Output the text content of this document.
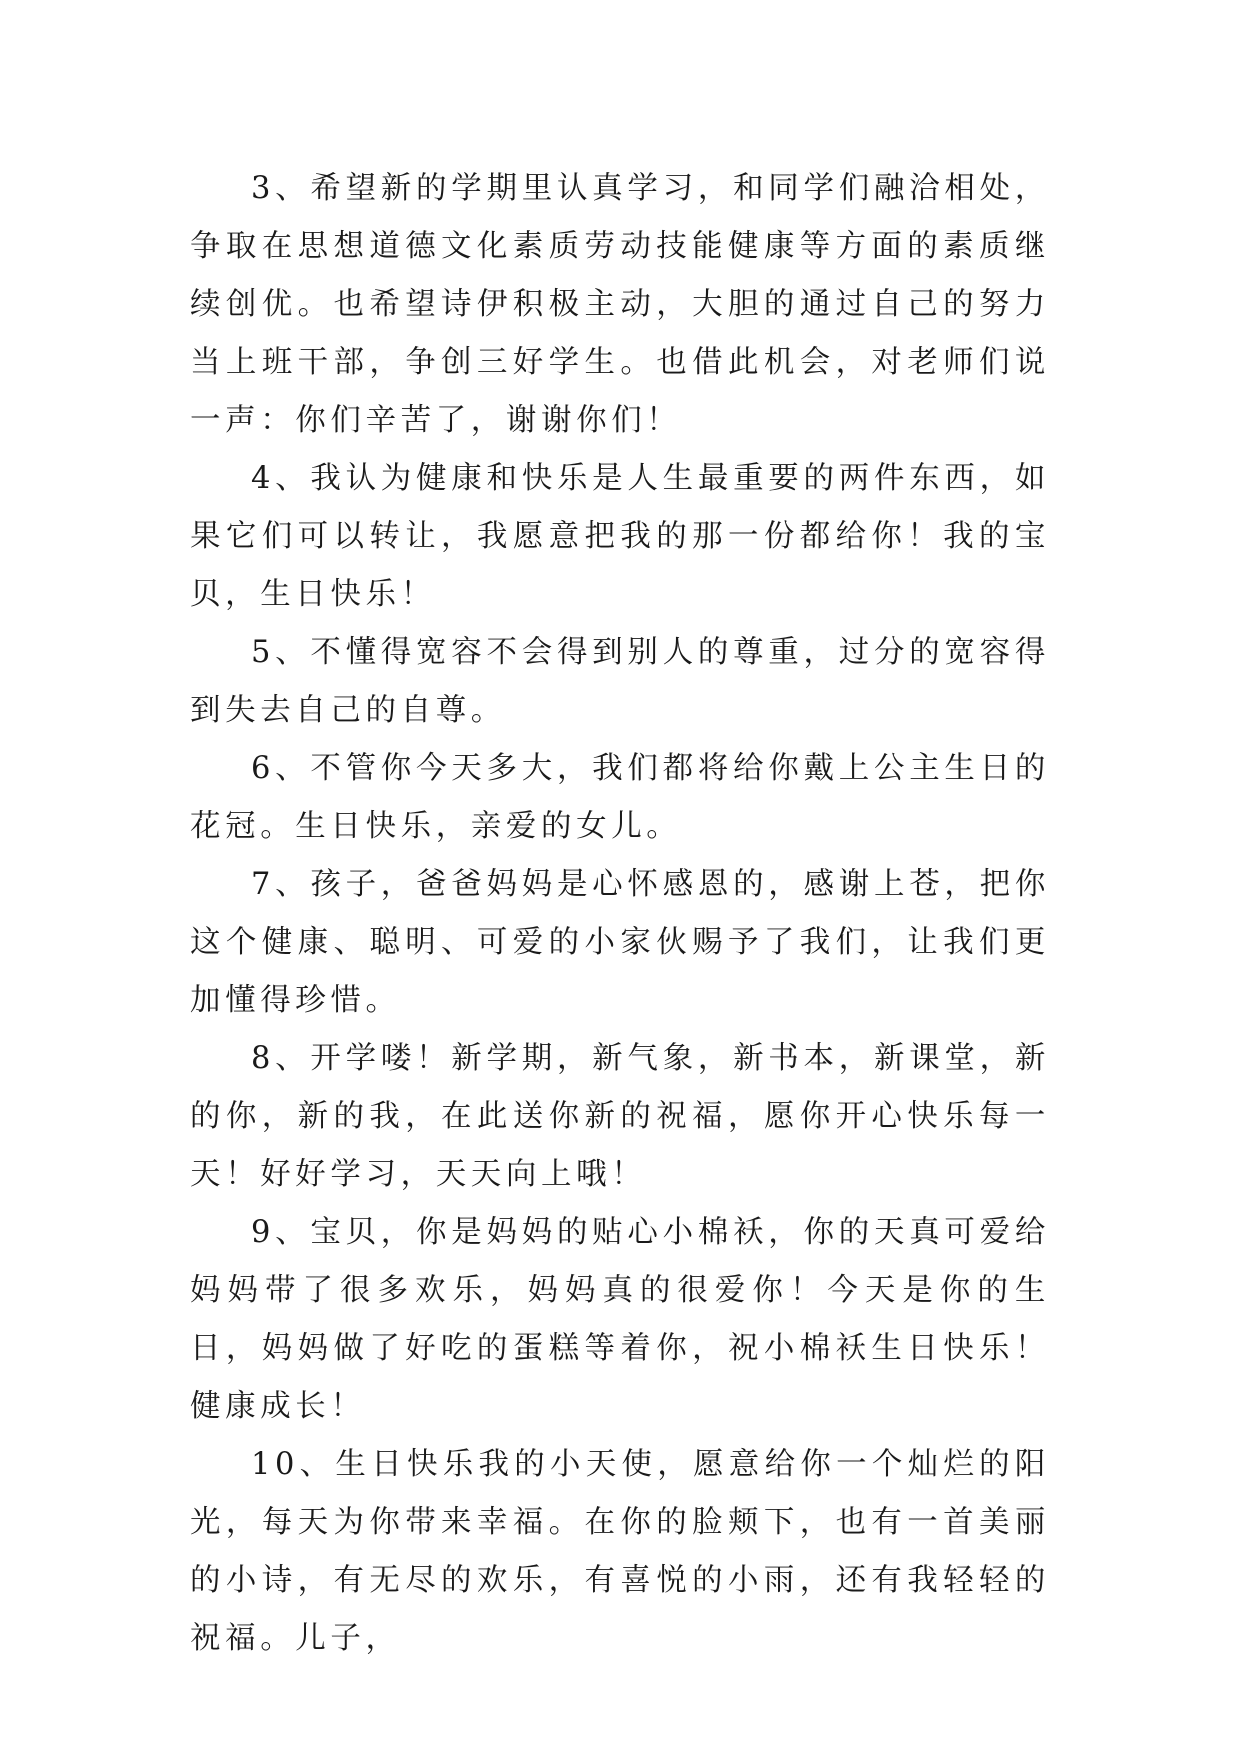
3、希望新的学期里认真学习，和同学们融洽相处，争取在思想道德文化素质劳动技能健康等方面的素质继续创优。也希望诗伊积极主动，大胆的通过自己的努力当上班干部，争创三好学生。也借此机会，对老师们说一声：你们辛苦了，谢谢你们！

4、我认为健康和快乐是人生最重要的两件东西，如果它们可以转让，我愿意把我的那一份都给你！我的宝贝，生日快乐！

5、不懂得宽容不会得到别人的尊重，过分的宽容得到失去自己的自尊。

6、不管你今天多大，我们都将给你戴上公主生日的花冠。生日快乐，亲爱的女儿。

7、孩子，爸爸妈妈是心怀感恩的，感谢上苍，把你这个健康、聪明、可爱的小家伙赐予了我们，让我们更加懂得珍惜。

8、开学喽！新学期，新气象，新书本，新课堂，新的你，新的我，在此送你新的祝福，愿你开心快乐每一天！好好学习，天天向上哦！

9、宝贝，你是妈妈的贴心小棉袄，你的天真可爱给妈妈带了很多欢乐，妈妈真的很爱你！今天是你的生日，妈妈做了好吃的蛋糕等着你，祝小棉袄生日快乐！健康成长！

10、生日快乐我的小天使，愿意给你一个灿烂的阳光，每天为你带来幸福。在你的脸颊下，也有一首美丽的小诗，有无尽的欢乐，有喜悦的小雨，还有我轻轻的祝福。儿子，
